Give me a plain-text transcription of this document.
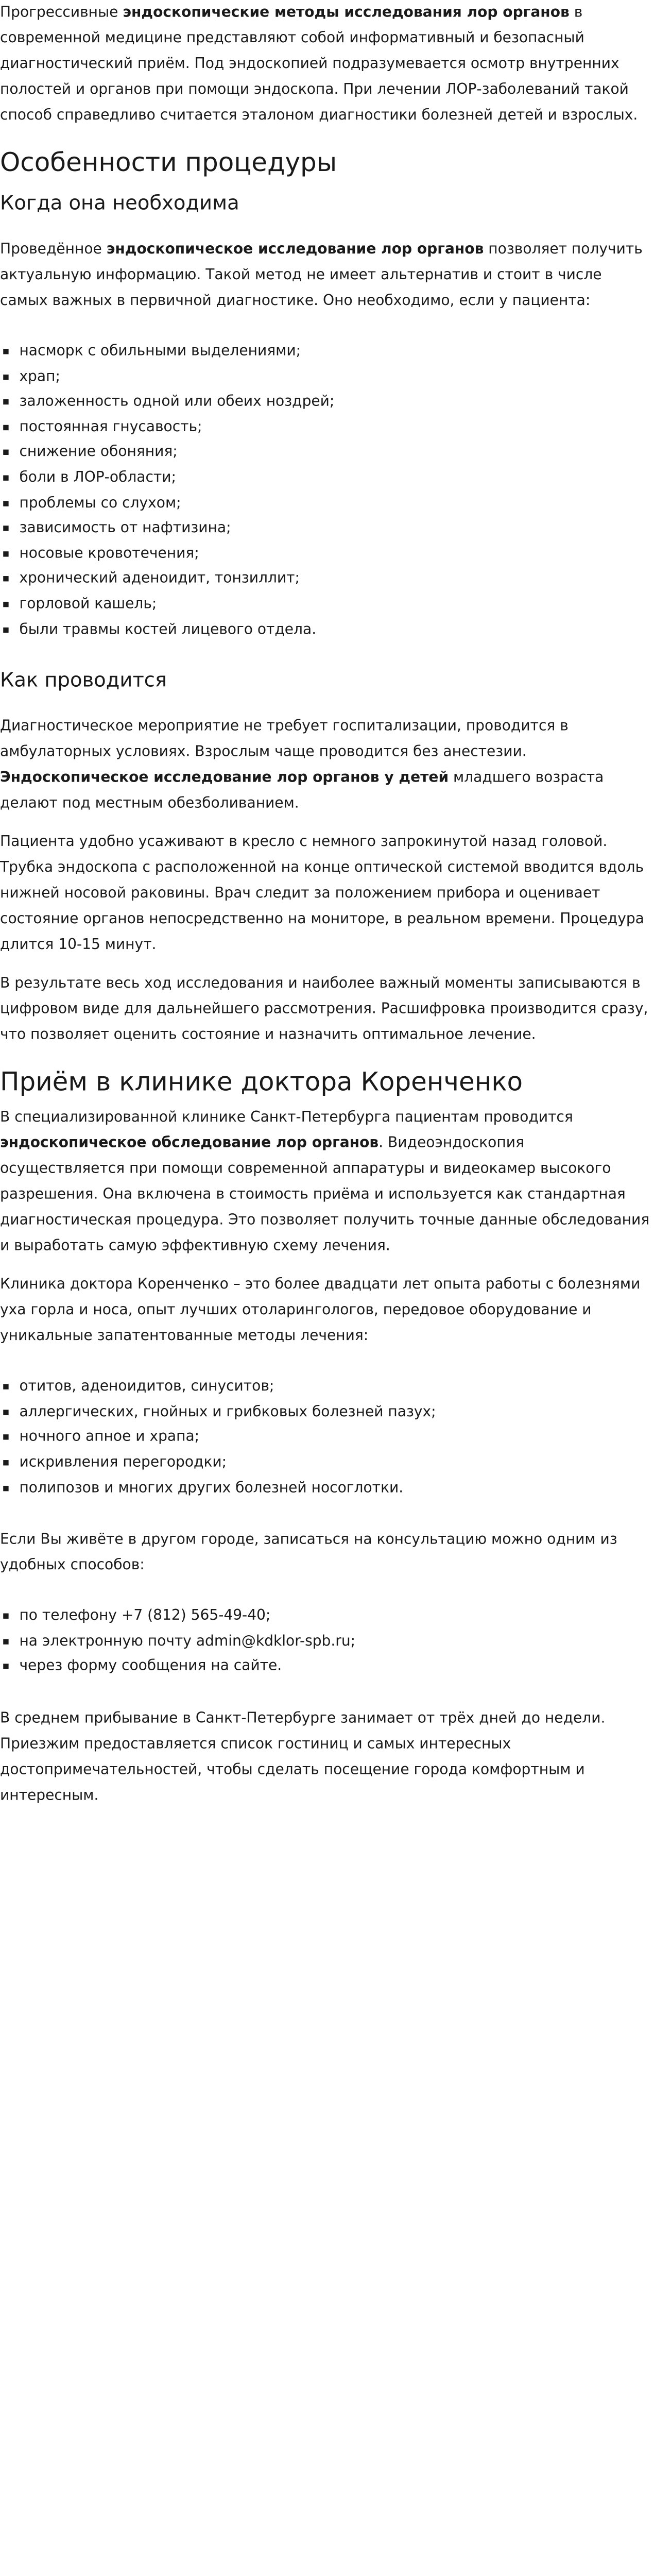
Прогрессивные эндоскопические методы исследования лор органов в современной медицине представляют собой информативный и безопасный диагностический приём. Под эндоскопией подразумевается осмотр внутренних полостей и органов при помощи эндоскопа. При лечении ЛОР-заболеваний такой способ справедливо считается эталоном диагностики болезней детей и взрослых.

Особенности процедуры
Когда она необходима

Проведённое эндоскопическое исследование лор органов позволяет получить актуальную информацию. Такой метод не имеет альтернатив и стоит в числе самых важных в первичной диагностике. Оно необходимо, если у пациента:

насморк с обильными выделениями;
храп;
заложенность одной или обеих ноздрей;
постоянная гнусавость;
снижение обоняния;
боли в ЛОР-области;
проблемы со слухом;
зависимость от нафтизина;
носовые кровотечения;
хронический аденоидит, тонзиллит;
горловой кашель;
были травмы костей лицевого отдела.
Как проводится

Диагностическое мероприятие не требует госпитализации, проводится в амбулаторных условиях. Взрослым чаще проводится без анестезии. Эндоскопическое исследование лор органов у детей младшего возраста делают под местным обезболиванием.

Пациента удобно усаживают в кресло с немного запрокинутой назад головой. Трубка эндоскопа с расположенной на конце оптической системой вводится вдоль нижней носовой раковины. Врач следит за положением прибора и оценивает состояние органов непосредственно на мониторе, в реальном времени. Процедура длится 10-15 минут.

В результате весь ход исследования и наиболее важный моменты записываются в цифровом виде для дальнейшего рассмотрения. Расшифровка производится сразу, что позволяет оценить состояние и назначить оптимальное лечение.

Приём в клинике доктора Коренченко

В специализированной клинике Санкт-Петербурга пациентам проводится эндоскопическое обследование лор органов. Видеоэндоскопия осуществляется при помощи современной аппаратуры и видеокамер высокого разрешения. Она включена в стоимость приёма и используется как стандартная диагностическая процедура. Это позволяет получить точные данные обследования и выработать самую эффективную схему лечения.

Клиника доктора Коренченко – это более двадцати лет опыта работы с болезнями уха горла и носа, опыт лучших отоларингологов, передовое оборудование и уникальные запатентованные методы лечения:

отитов, аденоидитов, синуситов;
аллергических, гнойных и грибковых болезней пазух;
ночного апное и храпа;
искривления перегородки;
полипозов и многих других болезней носоглотки.

Если Вы живёте в другом городе, записаться на консультацию можно одним из удобных способов:

по телефону +7 (812) 565-49-40;
на электронную почту admin@kdklor-spb.ru;
через форму сообщения на сайте.

В среднем прибывание в Санкт-Петербурге занимает от трёх дней до недели. Приезжим предоставляется список гостиниц и самых интересных достопримечательностей, чтобы сделать посещение города комфортным и интересным.
